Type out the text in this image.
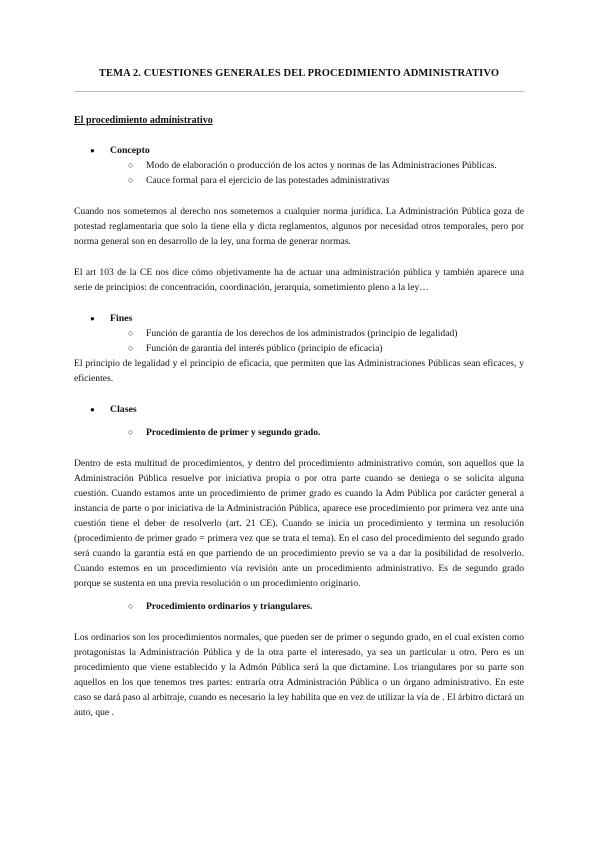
TEMA 2. CUESTIONES GENERALES DEL PROCEDIMIENTO ADMINISTRATIVO
El procedimiento administrativo
● Concepto
○ Modo de elaboración o producción de los actos y normas de las Administraciones Públicas.
○ Cauce formal para el ejercicio de las potestades administrativas

Cuando nos sometemos al derecho nos sometemos a cualquier norma jurídica. La Administración Pública goza de potestad reglamentaria que solo la tiene ella y dicta reglamentos, algunos por necesidad otros temporales, pero por norma general son en desarrollo de la ley, una forma de generar normas.

El art 103 de la CE nos dice cómo objetivamente ha de actuar una administración pública y también aparece una serie de principios: de concentración, coordinación, jerarquía, sometimiento pleno a la ley…

● Fines
○ Función de garantía de los derechos de los administrados (principio de legalidad)
○ Función de garantía del interés público (principio de eficacia)

El principio de legalidad y el principio de eficacia, que permiten que las Administraciones Públicas sean eficaces, y eficientes.

● Clases
○ Procedimiento de primer y segundo grado.

Dentro de esta multitud de procedimientos, y dentro del procedimiento administrativo común, son aquellos que la Administración Pública resuelve por iniciativa propia o por otra parte cuando se deniega o se solicita alguna cuestión. Cuando estamos ante un procedimiento de primer grado es cuando la Adm Pública por carácter general a instancia de parte o por iniciativa de la Administración Pública, aparece ese procedimiento por primera vez ante una cuestión tiene el deber de resolverlo (art. 21 CE). Cuando se inicia un procedimiento y termina un resolución (procedimiento de primer grado = primera vez que se trata el tema). En el caso del procedimiento del segundo grado será cuando la garantía está en que partiendo de un procedimiento previo se va a dar la posibilidad de resolverlo. Cuando estemos en un procedimiento vía revisión ante un procedimiento administrativo. Es de segundo grado porque se sustenta en una previa resolución o un procedimiento originario.

○ Procedimiento ordinarios y triangulares.

Los ordinarios son los procedimientos normales, que pueden ser de primer o segundo grado, en el cual existen como protagonistas la Administración Pública y de la otra parte el interesado, ya sea un particular u otro. Pero es un procedimiento que viene establecido y la Admón Pública será la que dictamine. Los triangulares por su parte son aquellos en los que tenemos tres partes: entraría otra Administración Pública o un órgano administrativo. En este caso se dará paso al arbitraje, cuando es necesario la ley habilita que en vez de utilizar la vía de . El árbitro dictará un auto, que .
